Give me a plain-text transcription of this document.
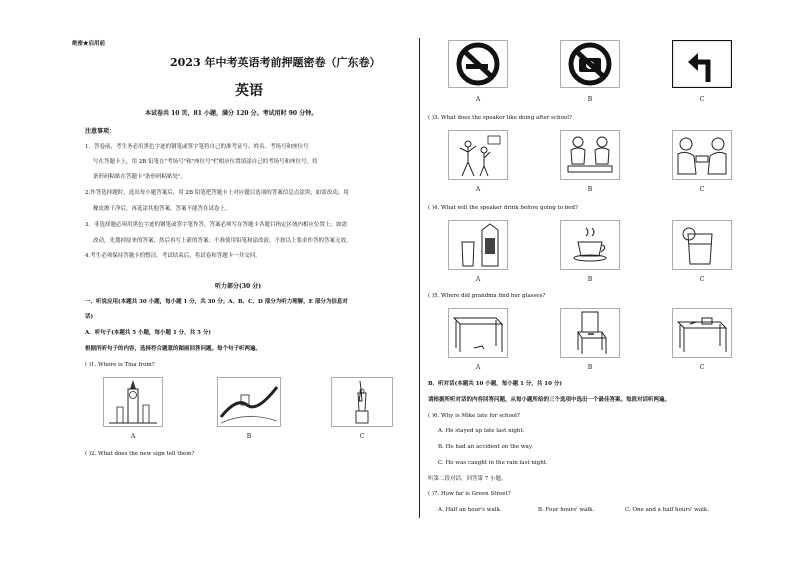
绝密★启用前
2023 年中考英语考前押题密卷（广东卷）
英语
本试卷共 10 页，81 小题，满分 120 分。考试用时 90 分钟。
注意事项：
1．答卷前，考生务必用黑色字迹的钢笔或签字笔将自己的准考证号、姓名、考场号和座位号
写在答题卡上，用 2B 铅笔在"考场号"和"座位号"栏相应位置填涂自己的考场号和座位号。将
条形码粘贴在答题卡"条形码粘贴处"。
2.作答选择题时，选出每小题答案后，用 2B 铅笔把答题卡上对应题目选项的答案信息点涂黑；如需改动，用
橡皮擦干净后，再选涂其他答案，答案不能答在试卷上。
3．非选择题必须用黑色字迹的钢笔或签字笔作答，答案必须写在答题卡各题目指定区域内相应位置上；如需
改动，先划掉原来的答案，然后再写上新的答案；不准使用铅笔和涂改液。不按以上要求作答的答案无效。
4.考生必须保持答题卡的整洁。考试结束后，将试卷和答题卡一并交回。
听力部分(30 分)
一、听说应用(本题共 30 小题，每小题 1 分，共 30 分；A、B、C、D 部分为听力理解，E 部分为信息对
话)
A．听句子(本题共 5 小题，每小题 1 分，共 5 分)
根据所听句子的内容，选择符合题意的图画回答问题。每个句子听两遍。
( )1. Where is Tina from?
A	B	C
( )2. What does the new sign tell them?
A	B	C
( )3. What does the speaker like doing after school?
A	B	C
( )4. What will the speaker drink before going to bed?
A	B	C
( )5. Where did grandma find her glasses?
A	B	C
B．听对话(本题共 10 小题，每小题 1 分，共 10 分)
请根据所听对话的内容回答问题，从每小题所给的三个选项中选出一个最佳答案。每段对话听两遍。
( )6. Why is Mike late for school?
A. He stayed up late last night.
B. He had an accident on the way.
C. He was caught in the rain last night.
听第二段对话，回答第 7 小题。
( )7. How far is Green Street?
A. Half an hour's walk.	B. Four hours' walk.	C. One and a half hours' walk.
